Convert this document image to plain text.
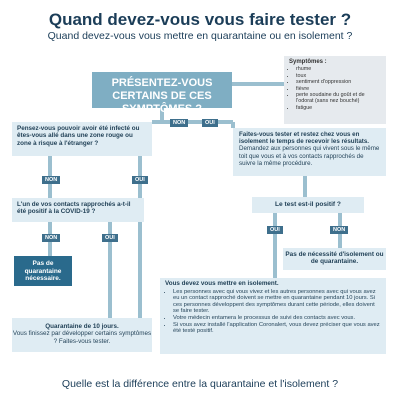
Quand devez-vous vous faire tester ?
Quand devez-vous vous mettre en quarantaine ou en isolement ?
PRÉSENTEZ-VOUS CERTAINS DE CES SYMPTÔMES ?
Symptômes :
• rhume
• toux
• sentiment d'oppression
• fièvre
• perte soudaine du goût et de l'odorat (sans nez bouché)
• fatigue
NON	OUI
Pensez-vous pouvoir avoir été infecté ou êtes-vous allé dans une zone rouge ou zone à risque à l'étranger ?
Faites-vous tester et restez chez vous en isolement le temps de recevoir les résultats.
Demandez aux personnes qui vivent sous le même toit que vous et à vos contacts rapprochés de suivre la même procédure.
NON	OUI
L'un de vos contacts rapprochés a-t-il été positif à la COVID-19 ?
Le test est-il positif ?
NON	OUI
OUI	NON
Pas de quarantaine nécessaire.
Pas de nécessité d'isolement ou de quarantaine.
Quarantaine de 10 jours.
Vous finissez par développer certains symptômes ? Faites-vous tester.
Vous devez vous mettre en isolement.
• Les personnes avec qui vous vivez et les autres personnes avec qui vous avez eu un contact rapproché doivent se mettre en quarantaine pendant 10 jours. Si ces personnes développent des symptômes durant cette période, elles doivent se faire tester.
• Votre médecin entamera le processus de suivi des contacts avec vous.
• Si vous avez installé l'application Coronalert, vous devez préciser que vous avez été testé positif.
Quelle est la différence entre la quarantaine et l'isolement ?
